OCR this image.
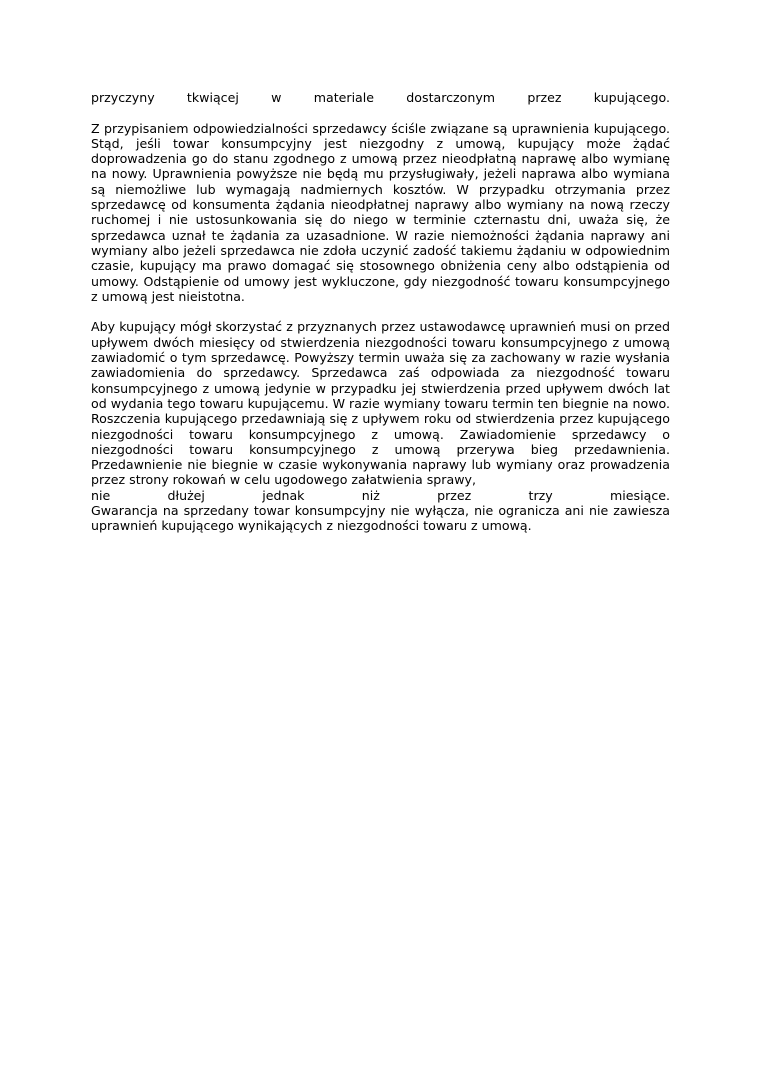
przyczyny tkwiącej w materiale dostarczonym przez kupującego.

Z przypisaniem odpowiedzialności sprzedawcy ściśle związane są uprawnienia kupującego. Stąd, jeśli towar konsumpcyjny jest niezgodny z umową, kupujący może żądać doprowadzenia go do stanu zgodnego z umową przez nieodpłatną naprawę albo wymianę na nowy. Uprawnienia powyższe nie będą mu przysługiwały, jeżeli naprawa albo wymiana są niemożliwe lub wymagają nadmiernych kosztów. W przypadku otrzymania przez sprzedawcę od konsumenta żądania nieodpłatnej naprawy albo wymiany na nową rzeczy ruchomej i nie ustosunkowania się do niego w terminie czternastu dni, uważa się, że sprzedawca uznał te żądania za uzasadnione. W razie niemożności żądania naprawy ani wymiany albo jeżeli sprzedawca nie zdoła uczynić zadość takiemu żądaniu w odpowiednim czasie, kupujący ma prawo domagać się stosownego obniżenia ceny albo odstąpienia od umowy. Odstąpienie od umowy jest wykluczone, gdy niezgodność towaru konsumpcyjnego z umową jest nieistotna.

Aby kupujący mógł skorzystać z przyznanych przez ustawodawcę uprawnień musi on przed upływem dwóch miesięcy od stwierdzenia niezgodności towaru konsumpcyjnego z umową zawiadomić o tym sprzedawcę. Powyższy termin uważa się za zachowany w razie wysłania zawiadomienia do sprzedawcy. Sprzedawca zaś odpowiada za niezgodność towaru konsumpcyjnego z umową jedynie w przypadku jej stwierdzenia przed upływem dwóch lat od wydania tego towaru kupującemu. W razie wymiany towaru termin ten biegnie na nowo. Roszczenia kupującego przedawniają się z upływem roku od stwierdzenia przez kupującego niezgodności towaru konsumpcyjnego z umową. Zawiadomienie sprzedawcy o niezgodności towaru konsumpcyjnego z umową przerywa bieg przedawnienia. Przedawnienie nie biegnie w czasie wykonywania naprawy lub wymiany oraz prowadzenia przez strony rokowań w celu ugodowego załatwienia sprawy,

nie dłużej jednak niż przez trzy miesiące.

Gwarancja na sprzedany towar konsumpcyjny nie wyłącza, nie ogranicza ani nie zawiesza uprawnień kupującego wynikających z niezgodności towaru z umową.
